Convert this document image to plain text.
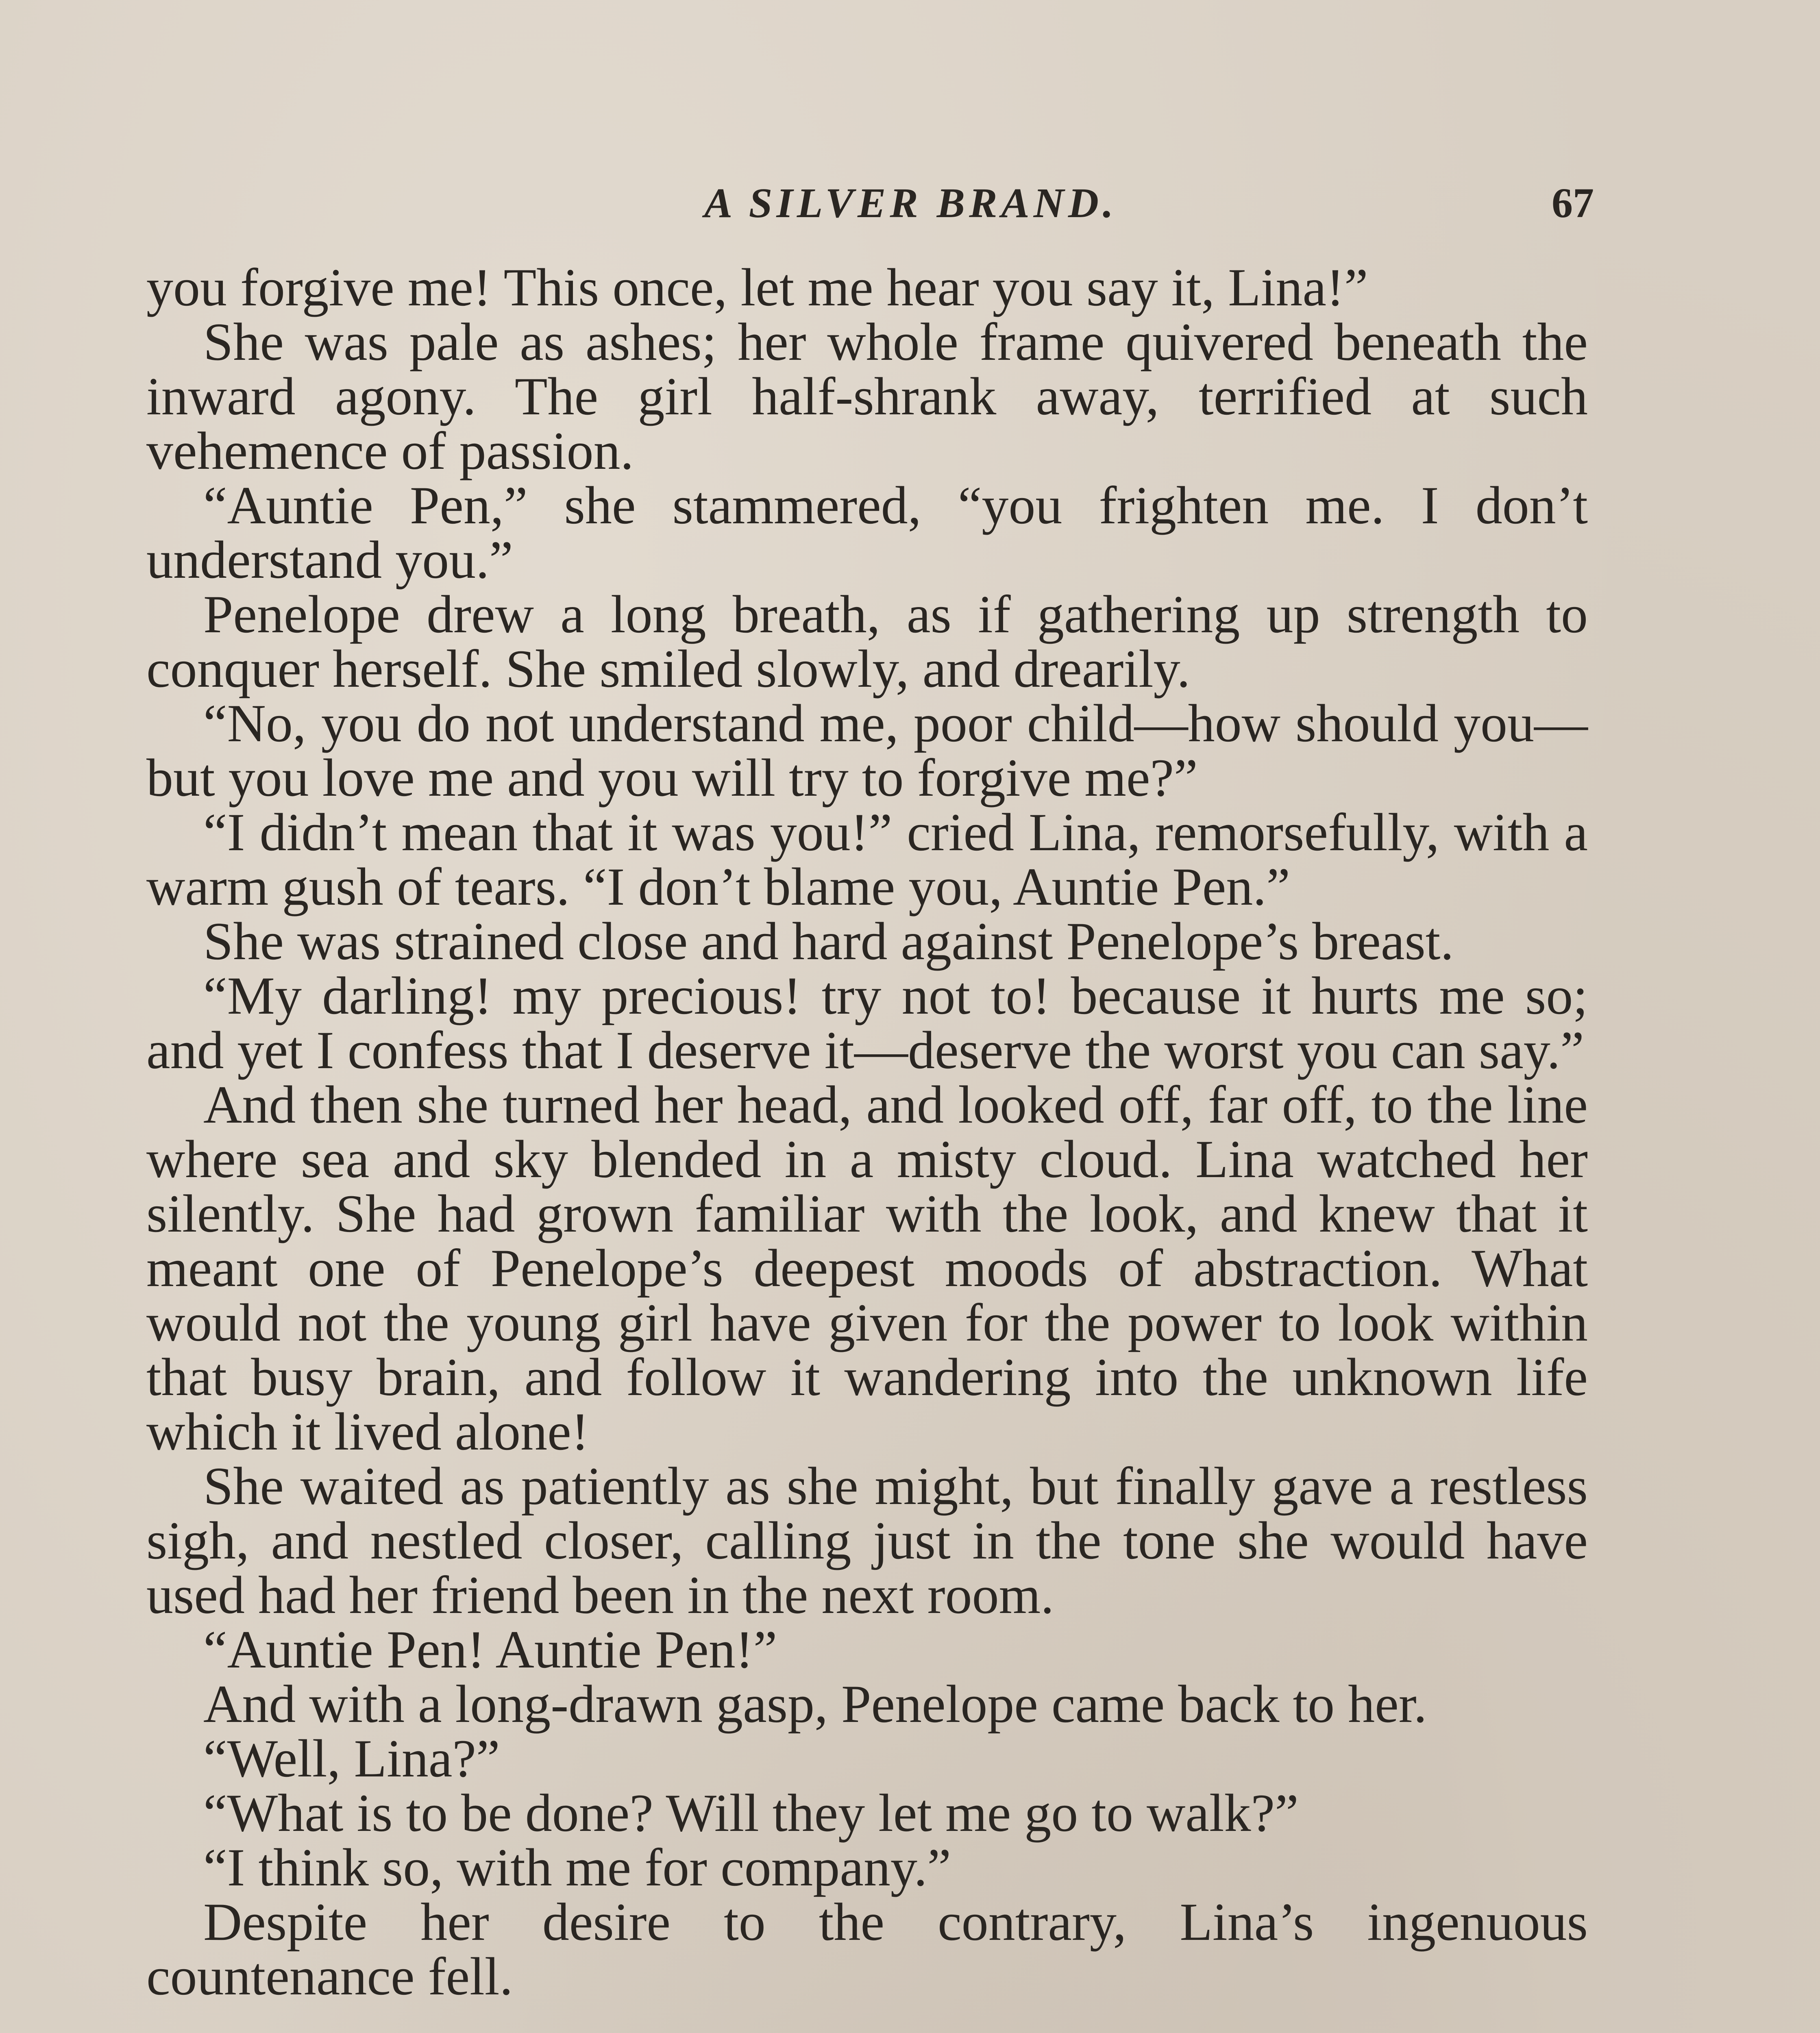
A SILVER BRAND.	67

you forgive me! This once, let me hear you say it, Lina!”

She was pale as ashes; her whole frame quivered beneath the inward agony. The girl half-shrank away, terrified at such vehemence of passion.

“Auntie Pen,” she stammered, “you frighten me. I don’t understand you.”

Penelope drew a long breath, as if gathering up strength to conquer herself. She smiled slowly, and drearily.

“No, you do not understand me, poor child—how should you—but you love me and you will try to forgive me?”

“I didn’t mean that it was you!” cried Lina, remorsefully, with a warm gush of tears. “I don’t blame you, Auntie Pen.”

She was strained close and hard against Penelope’s breast.

“My darling! my precious! try not to! because it hurts me so; and yet I confess that I deserve it—deserve the worst you can say.”

And then she turned her head, and looked off, far off, to the line where sea and sky blended in a misty cloud. Lina watched her silently. She had grown familiar with the look, and knew that it meant one of Penelope’s deepest moods of abstraction. What would not the young girl have given for the power to look within that busy brain, and follow it wandering into the unknown life which it lived alone!

She waited as patiently as she might, but finally gave a restless sigh, and nestled closer, calling just in the tone she would have used had her friend been in the next room.

“Auntie Pen! Auntie Pen!”

And with a long-drawn gasp, Penelope came back to her.

“Well, Lina?”

“What is to be done? Will they let me go to walk?”

“I think so, with me for company.”

Despite her desire to the contrary, Lina’s ingenuous countenance fell.
